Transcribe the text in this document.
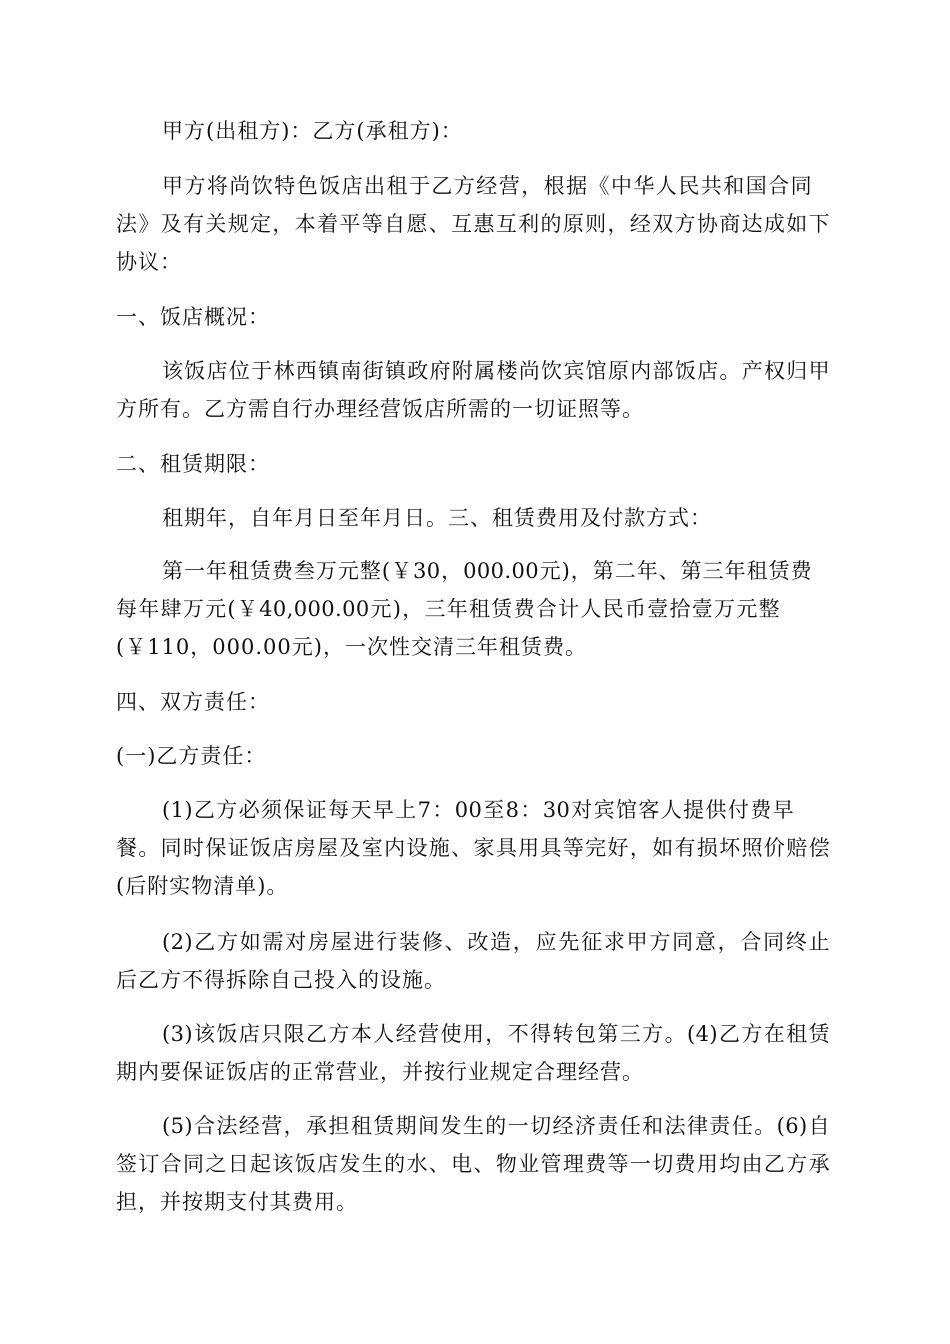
甲方(出租方)：乙方(承租方)：
甲方将尚饮特色饭店出租于乙方经营，根据《中华人民共和国合同
法》及有关规定，本着平等自愿、互惠互利的原则，经双方协商达成如下
协议：
一、饭店概况：
该饭店位于林西镇南街镇政府附属楼尚饮宾馆原内部饭店。产权归甲
方所有。乙方需自行办理经营饭店所需的一切证照等。
二、租赁期限：
租期年，自年月日至年月日。三、租赁费用及付款方式：
第一年租赁费叁万元整(￥30，000.00元)，第二年、第三年租赁费
每年肆万元(￥40,000.00元)，三年租赁费合计人民币壹拾壹万元整
(￥110，000.00元)，一次性交清三年租赁费。
四、双方责任：
(一)乙方责任：
(1)乙方必须保证每天早上7：00至8：30对宾馆客人提供付费早
餐。同时保证饭店房屋及室内设施、家具用具等完好，如有损坏照价赔偿
(后附实物清单)。
(2)乙方如需对房屋进行装修、改造，应先征求甲方同意，合同终止
后乙方不得拆除自己投入的设施。
(3)该饭店只限乙方本人经营使用，不得转包第三方。(4)乙方在租赁
期内要保证饭店的正常营业，并按行业规定合理经营。
(5)合法经营，承担租赁期间发生的一切经济责任和法律责任。(6)自
签订合同之日起该饭店发生的水、电、物业管理费等一切费用均由乙方承
担，并按期支付其费用。
